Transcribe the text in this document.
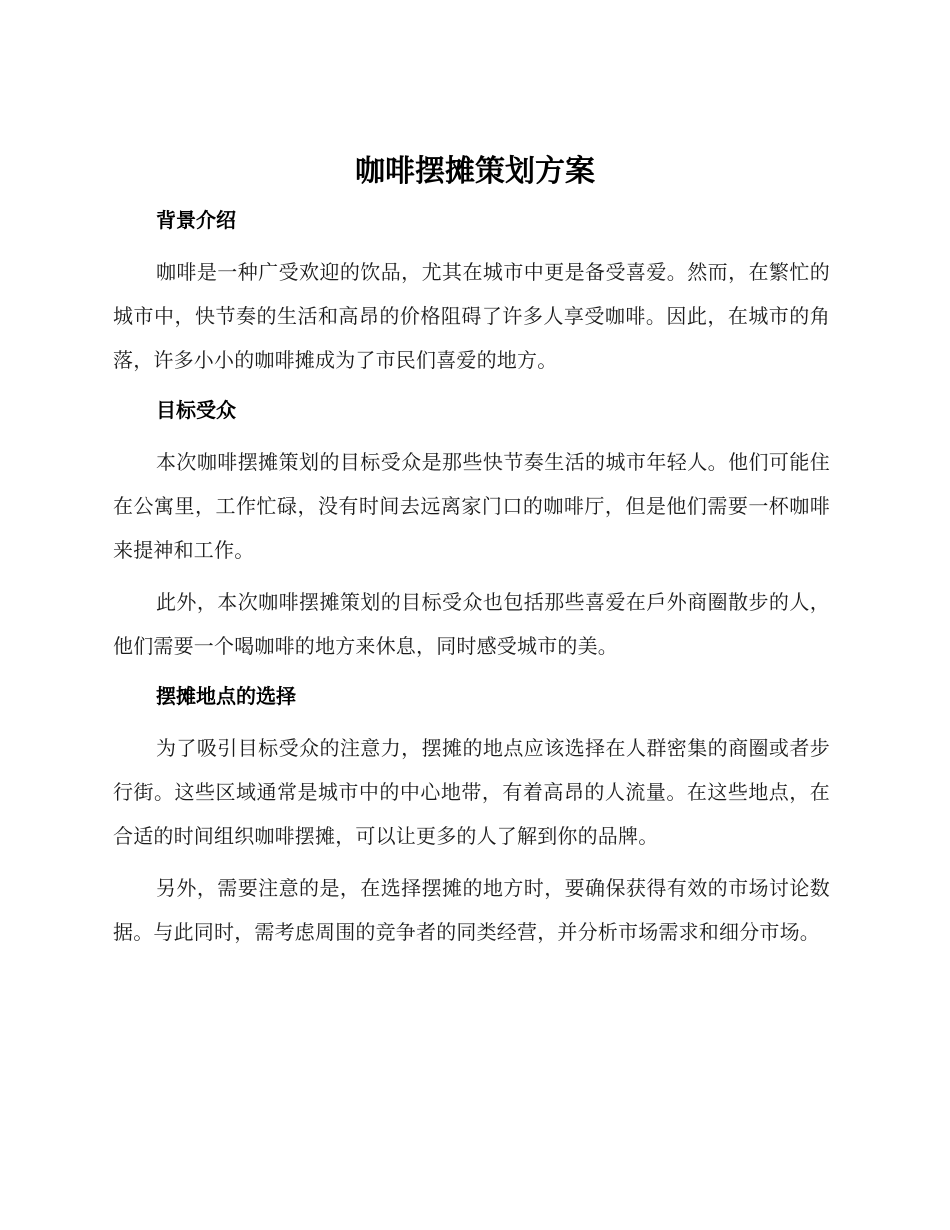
咖啡摆摊策划方案
背景介绍

咖啡是一种广受欢迎的饮品，尤其在城市中更是备受喜爱。然而，在繁忙的城市中，快节奏的生活和高昂的价格阻碍了许多人享受咖啡。因此，在城市的角落，许多小小的咖啡摊成为了市民们喜爱的地方。

目标受众

本次咖啡摆摊策划的目标受众是那些快节奏生活的城市年轻人。他们可能住在公寓里，工作忙碌，没有时间去远离家门口的咖啡厅，但是他们需要一杯咖啡来提神和工作。

此外，本次咖啡摆摊策划的目标受众也包括那些喜爱在戶外商圈散步的人，他们需要一个喝咖啡的地方来休息，同时感受城市的美。

摆摊地点的选择

为了吸引目标受众的注意力，摆摊的地点应该选择在人群密集的商圈或者步行街。这些区域通常是城市中的中心地带，有着高昂的人流量。在这些地点，在合适的时间组织咖啡摆摊，可以让更多的人了解到你的品牌。

另外，需要注意的是，在选择摆摊的地方时，要确保获得有效的市场讨论数据。与此同时，需考虑周围的竞争者的同类经营，并分析市场需求和细分市场。
